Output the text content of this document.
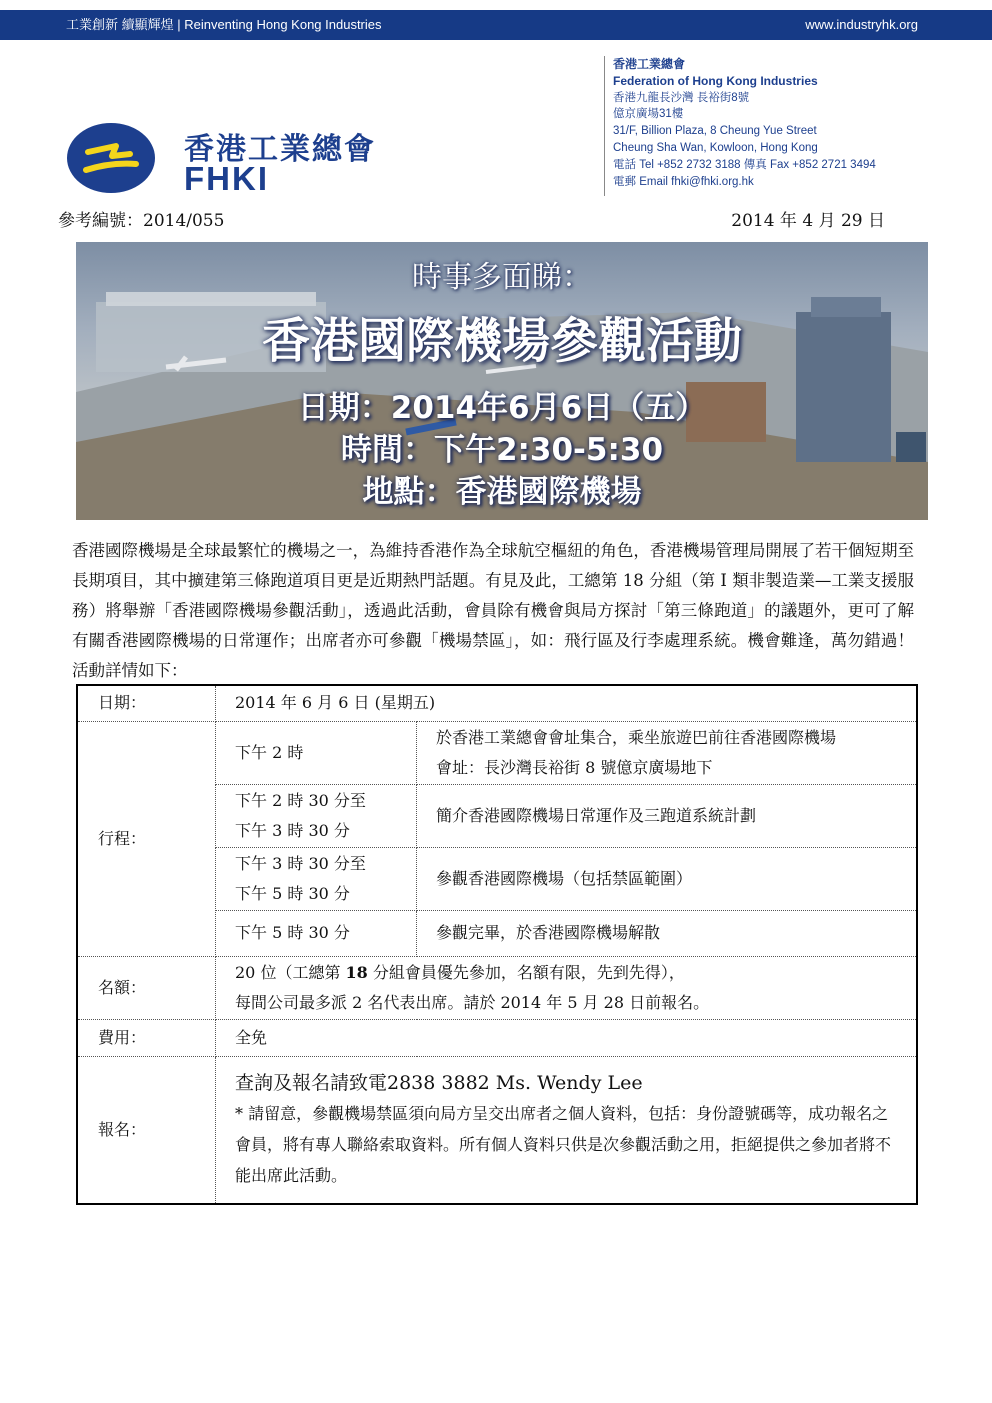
工業創新 續顯輝煌 | Reinventing Hong Kong Industries	www.industryhk.org
香港工業總會
FHKI
香港工業總會
Federation of Hong Kong Industries
香港九龍長沙灣 長裕街8號
億京廣場31樓
31/F, Billion Plaza, 8 Cheung Yue Street
Cheung Sha Wan, Kowloon, Hong Kong
電話 Tel +852 2732 3188 傳真 Fax +852 2721 3494
電郵 Email fhki@fhki.org.hk
參考編號：2014/055	2014 年 4 月 29 日
時事多面睇：
香港國際機場參觀活動
日期：2014年6月6日（五）
時間：下午2:30-5:30
地點：香港國際機場
香港國際機場是全球最繁忙的機場之一，為維持香港作為全球航空樞紐的角色，香港機場管理局開展了若干個短期至長期項目，其中擴建第三條跑道項目更是近期熱門話題。有見及此，工總第 18 分組（第 I 類非製造業—工業支援服務）將舉辦「香港國際機場參觀活動」，透過此活動，會員除有機會與局方探討「第三條跑道」的議題外，更可了解有關香港國際機場的日常運作；出席者亦可參觀「機場禁區」，如：飛行區及行李處理系統。機會難逢，萬勿錯過！活動詳情如下：
日期：	2014 年 6 月 6 日 (星期五)	
行程：	下午 2 時	於香港工業總會會址集合，乘坐旅遊巴前往香港國際機場
會址：長沙灣長裕街 8 號億京廣場地下

	下午 2 時 30 分至
下午 3 時 30 分	簡介香港國際機場日常運作及三跑道系統計劃

	下午 3 時 30 分至
下午 5 時 30 分	參觀香港國際機場（包括禁區範圍）
	下午 5 時 30 分	參觀完畢，於香港國際機場解散
名額：	20 位（工總第 18 分組會員優先參加，名額有限，先到先得），
每間公司最多派 2 名代表出席。請於 2014 年 5 月 28 日前報名。	

費用：	全免	
報名：	查詢及報名請致電2838 3882 Ms. Wendy Lee
* 請留意，參觀機場禁區須向局方呈交出席者之個人資料，包括：身份證號碼等，成功報名之會員，將有專人聯絡索取資料。所有個人資料只供是次參觀活動之用，拒絕提供之參加者將不能出席此活動。	
